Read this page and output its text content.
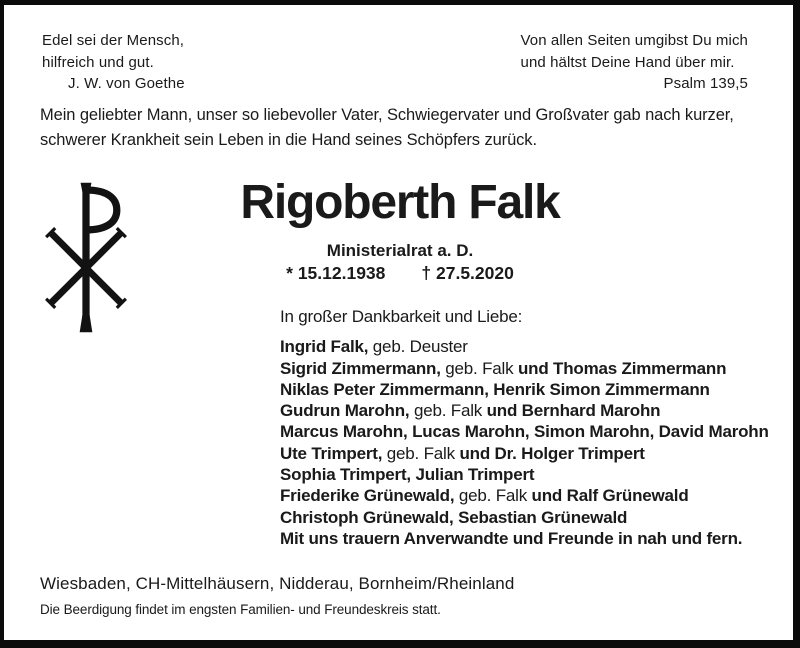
Edel sei der Mensch,
hilfreich und gut.
J. W. von Goethe
Von allen Seiten umgibst Du mich
und hältst Deine Hand über mir.
Psalm 139,5
Mein geliebter Mann, unser so liebevoller Vater, Schwiegervater und Großvater gab nach kurzer,
schwerer Krankheit sein Leben in die Hand seines Schöpfers zurück.
Rigoberth Falk
Ministerialrat a. D.
* 15.12.1938 † 27.5.2020
In großer Dankbarkeit und Liebe:
Ingrid Falk, geb. Deuster
Sigrid Zimmermann, geb. Falk und Thomas Zimmermann
Niklas Peter Zimmermann, Henrik Simon Zimmermann
Gudrun Marohn, geb. Falk und Bernhard Marohn
Marcus Marohn, Lucas Marohn, Simon Marohn, David Marohn
Ute Trimpert, geb. Falk und Dr. Holger Trimpert
Sophia Trimpert, Julian Trimpert
Friederike Grünewald, geb. Falk und Ralf Grünewald
Christoph Grünewald, Sebastian Grünewald
Mit uns trauern Anverwandte und Freunde in nah und fern.
Wiesbaden, CH-Mittelhäusern, Nidderau, Bornheim/Rheinland
Die Beerdigung findet im engsten Familien- und Freundeskreis statt.
